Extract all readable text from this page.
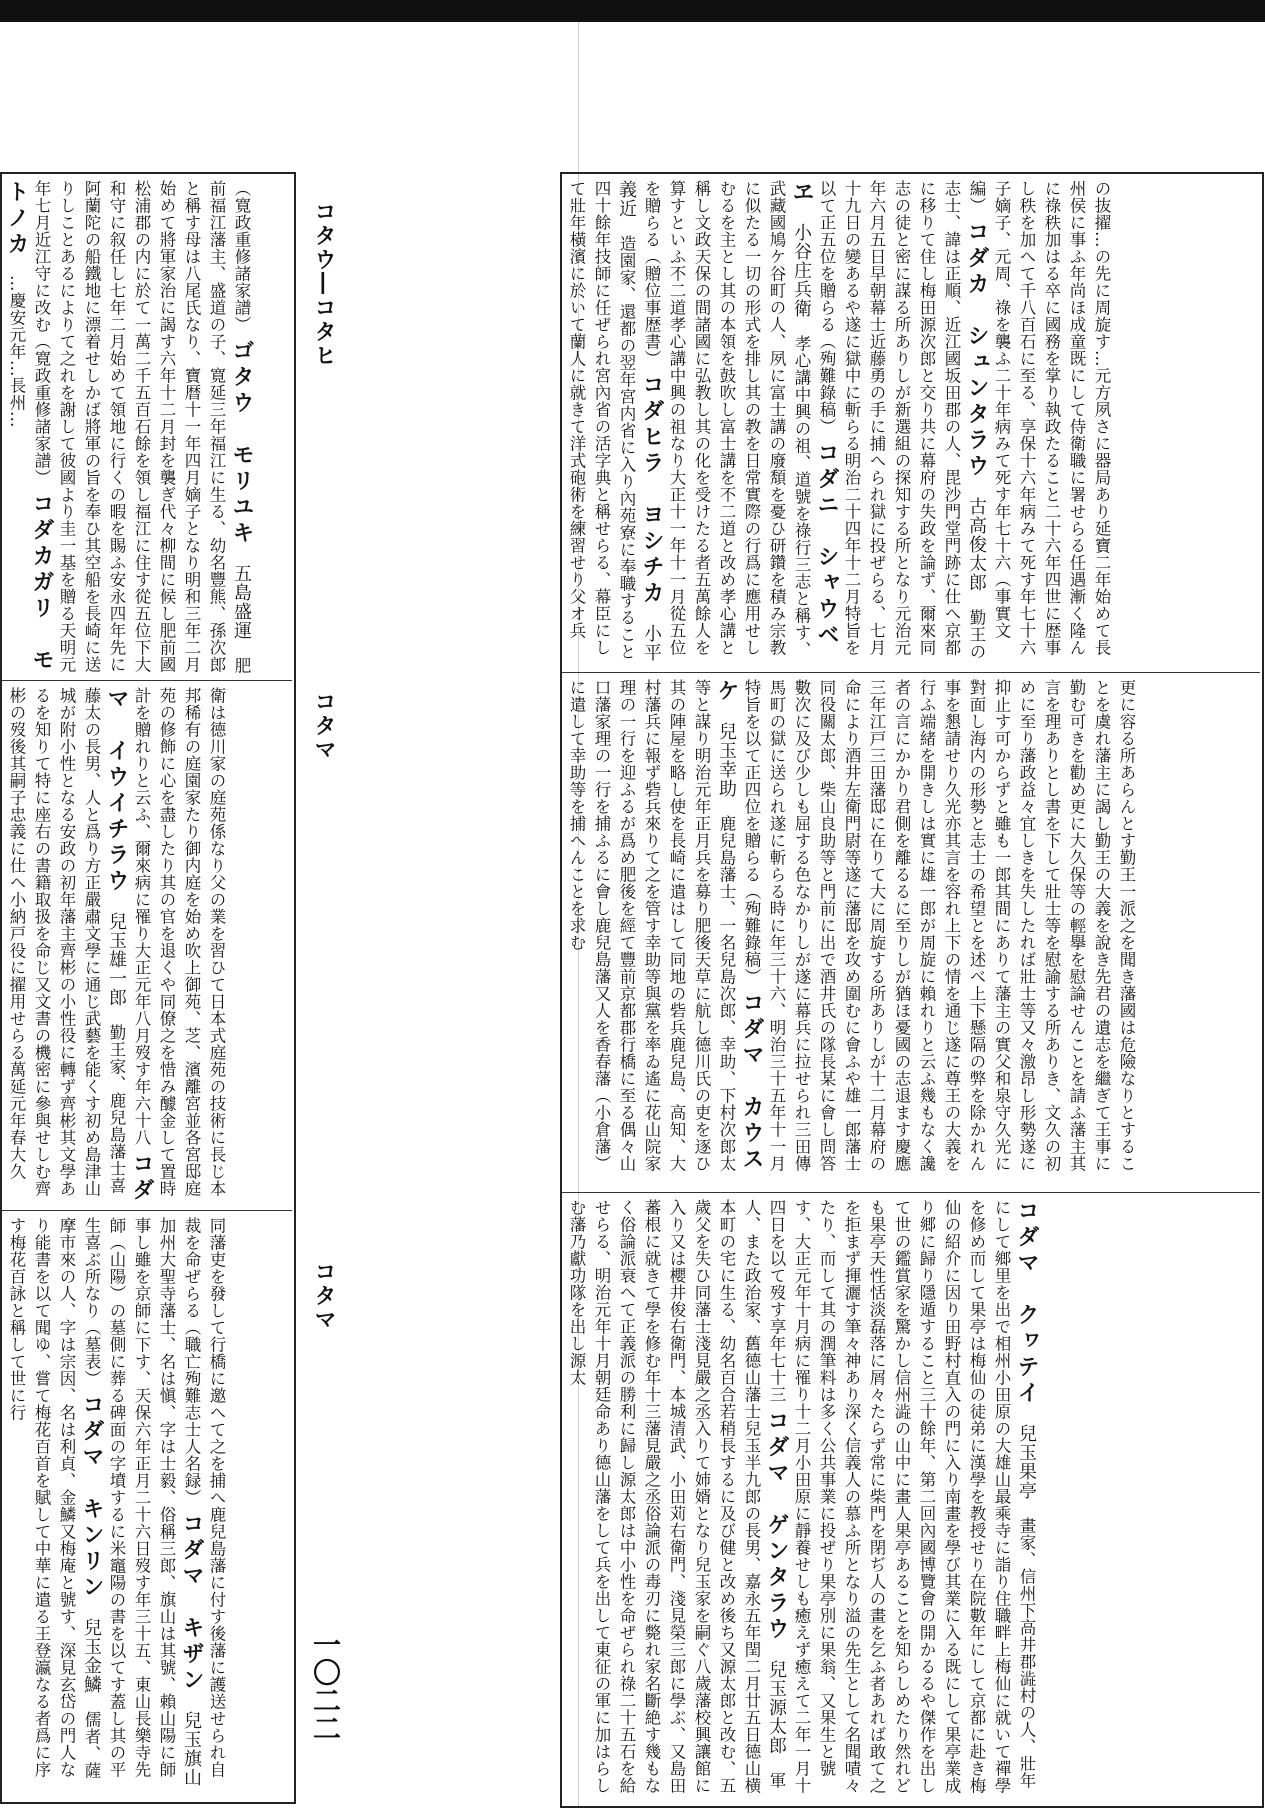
コタウ―コタヒ
コタマ
コタマ
一〇二二
（寛政重修諸家譜） ゴタウ　モリユキ　五島盛運　肥前福江藩主、盛道の子、寛延三年福江に生る、幼名豐熊、孫次郎と稱す母は八尾氏なり、寶暦十一年四月嫡子となり明和三年二月始めて將軍家治に謁す六年十二月封を襲ぎ代々柳間に候し肥前國松浦郡の内に於て一萬二千五百石餘を領し福江に住す從五位下大和守に叙任し七年二月始めて領地に行くの暇を賜ふ安永四年先に阿蘭陀の船鐵地に漂着せしかば將軍の旨を奉ひ其空船を長崎に送りしことあるによりて之れを謝して彼國より圭一基を贈る天明元年七月近江守に改む（寛政重修諸家譜） コダカガリ　モトノカ　…慶安元年…長州…
衛は德川家の庭苑係なり父の業を習ひて日本式庭苑の技術に長じ本邦稀有の庭園家たり御内庭を始め吹上御苑、芝、濱離宮並各宮邸庭苑の修飾に心を盡したり其の官を退くや同僚之を惜み醵金して置時計を贈れりと云ふ、爾來病に罹り大正元年八月歿す年六十八 コダマ　イウイチラウ　兒玉雄一郎　勤王家、鹿兒島藩士喜藤太の長男、人と爲り方正嚴肅文學に通じ武藝を能くす初め島津山城が附小性となる安政の初年藩主齊彬の小性役に轉ず齊彬其文學あるを知りて特に座右の書籍取扱を命じ又文書の機密に參與せしむ齊彬の歿後其嗣子忠義に仕へ小納戸役に擢用せらる萬延元年春大久
同藩吏を發して行橋に邀へて之を捕へ鹿兒島藩に付す後藩に護送せられ自裁を命ぜらる（職亡殉難志士人名録） コダマ　キザン　兒玉旗山　加州大聖寺藩士、名は愼、字は士毅、俗稱三郎、旗山は其號、賴山陽に師事し雖を京師に下す、天保六年正月二十六日歿す年三十五、東山長樂寺先師（山陽）の墓側に葬る碑面の字墳するに米竈陽の書を以てす蓋し其の平生喜ぶ所なり（墓表） コダマ　キンリン　兒玉金鱗　儒者、薩摩市來の人、字は宗因、名は利貞、金鱗又梅庵と號す、深見玄岱の門人なり能書を以て聞ゆ、嘗て梅花百首を賦して中華に遣る王登瀛なる者爲に序す梅花百詠と稱して世に行
の抜擢…の先に周旋す…元方夙さに器局あり延寶二年始めて長州侯に事ふ年尚ほ成童既にして侍衛職に署せらる任遇漸く隆んに祿秩加はる卒に國務を掌り執政たること二十六年四世に歴事し秩を加へて千八百石に至る、享保十六年病みて死す年七十六子嫡子、元周、祿を襲ふ二十年病みて死す年七十六（事實文編） コダカ　シュンタラウ　古高俊太郎　勤王の志士、諱は正順、近江國坂田郡の人、毘沙門堂門跡に仕へ京都に移りて住し梅田源次郎と交り共に幕府の失政を論ず、爾來同志の徒と密に謀る所ありしが新選組の探知する所となり元治元年六月五日早朝幕士近藤勇の手に捕へられ獄に投ぜらる、七月十九日の變あるや遂に獄中に斬らる明治二十四年十二月特旨を以て正五位を贈らる（殉難錄稿） コダニ　シャウベヱ　小谷庄兵衛　孝心講中興の祖、道號を祿行三志と稱す、武藏國鳩ケ谷町の人、夙に富士講の廢頽を憂ひ研鑽を積み宗教に似たる一切の形式を排し其の教を日常實際の行爲に應用せしむるを主とし其の本領を鼓吹し富士講を不二道と改め孝心講と稱し文政天保の間諸國に弘教し其の化を受けたる者五萬餘人を算すといふ不二道孝心講中興の祖なり大正十一年十一月從五位を贈らる（贈位事歴書） コダヒラ　ヨシチカ　小平義近　造園家、還都の翌年宮内省に入り內苑寮に奉職すること四十餘年技師に任ぜられ宮內省の活字典と稱せらる、幕臣にして壯年橫濱に於いて蘭人に就きて洋式砲術を練習せり父オ兵
更に容る所あらんとす勤王一派之を聞き藩國は危險なりとすることを虞れ藩主に謁し勤王の大義を說き先君の遺志を繼ぎて王事に勤む可きを勸め更に大久保等の輕擧を慰論せんことを請ふ藩主其言を理ありとし書を下して壯士等を慰諭する所ありき、文久の初めに至り藩政益々宜しきを失したれば壯士等又々激昂し形勢遂に抑止す可からずと雖も一郎其間にありて藩主の實父和泉守久光に對面し海内の形勢と志士の希望とを述べ上下懸隔の弊を除かれん事を懇請せり久光亦其言を容れ上下の情を通じ遂に尊王の大義を行ふ端緒を開きしは實に雄一郎が周旋に賴れりと云ふ幾もなく讒者の言にかかり君側を離るるに至りしが猶ほ憂國の志退ます慶應三年江戸三田藩邸に在りて大に周旋する所ありしが十二月幕府の命により酒井左衛門尉等遂に藩邸を攻め圍むに會ふや雄一郎藩士同役關太郎、柴山良助等と門前に出で酒井氏の隊長某に會し問答數次に及び少しも屈する色なかりしが遂に幕兵に拉せられ三田傳馬町の獄に送られ遂に斬らる時に年三十六、明治三十五年十一月特旨を以て正四位を贈らる（殉難錄稿） コダマ　カウスケ　兒玉幸助　鹿兒島藩士、一名兒島次郎、幸助、下村次郎太等と謀り明治元年正月兵を募り肥後天草に航し德川氏の吏を逐ひ其の陣屋を略し使を長崎に遣はして同地の砦兵鹿兒島、高知、大村藩兵に報ず砦兵來りて之を管す幸助等與黨を率ゐ遙に花山院家理の一行を迎ふるが爲め肥後を經て豐前京都郡行橋に至る偶々山口藩家理の一行を捕ふるに會し鹿兒島藩又人を香春藩（小倉藩）に遣して幸助等を捕へんことを求む
コダマ　クヮテイ　兒玉果亭　畫家、信州下高井郡澁村の人、壯年にして鄉里を出で相州小田原の大雄山最乘寺に詣り住職畔上梅仙に就いて禪學を修め而して果亭は梅仙の徒弟に漢學を教授せり在院數年にして京都に赴き梅仙の紹介に因り田野村直入の門に入り南畫を學び其業に入る既にして果亭業成り郷に歸り隱遁すること三十餘年、第二回內國博覽會の開かるるや傑作を出して世の鑑賞家を驚かし信州澁の山中に畫人果亭あることを知らしめたり然れども果亭天性恬淡磊落に屑々たらず常に柴門を閉ぢ人の畫を乞ふ者あれば敢て之を拒まず揮灑す筆々神あり深く信義人の慕ふ所となり溢の先生として名聞嘖々たり、而して其の潤筆料は多く公共事業に投ぜり果亭別に果翁、又果生と號す、大正元年十月病に罹り十二月小田原に靜養せしも癒えず癒えて二年一月十四日を以て歿す享年七十三 コダマ　ゲンタラウ　兒玉源太郎　軍人、また政治家、舊德山藩士兒玉半九郎の長男、嘉永五年閏二月廿五日德山横本町の宅に生る、幼名百合若稍長するに及び健と改め後ち又源太郎と改む、五歲父を失ひ同藩士淺見嚴之丞入りて姉婿となり兒玉家を嗣ぐ八歲藩校興讓館に入り又は櫻井俊右衛門、本城清武、小田苅右衛門、淺見榮三郎に學ぶ、又島田蕃根に就きて學を修む年十三藩見嚴之丞俗論派の毒刃に斃れ家名斷絶す幾もなく俗論派衰へて正義派の勝利に歸し源太郎は中小性を命ぜられ祿二十五石を給せらる、明治元年十月朝廷命あり德山藩をして兵を出して東征の軍に加はらしむ藩乃獻功隊を出し源太
